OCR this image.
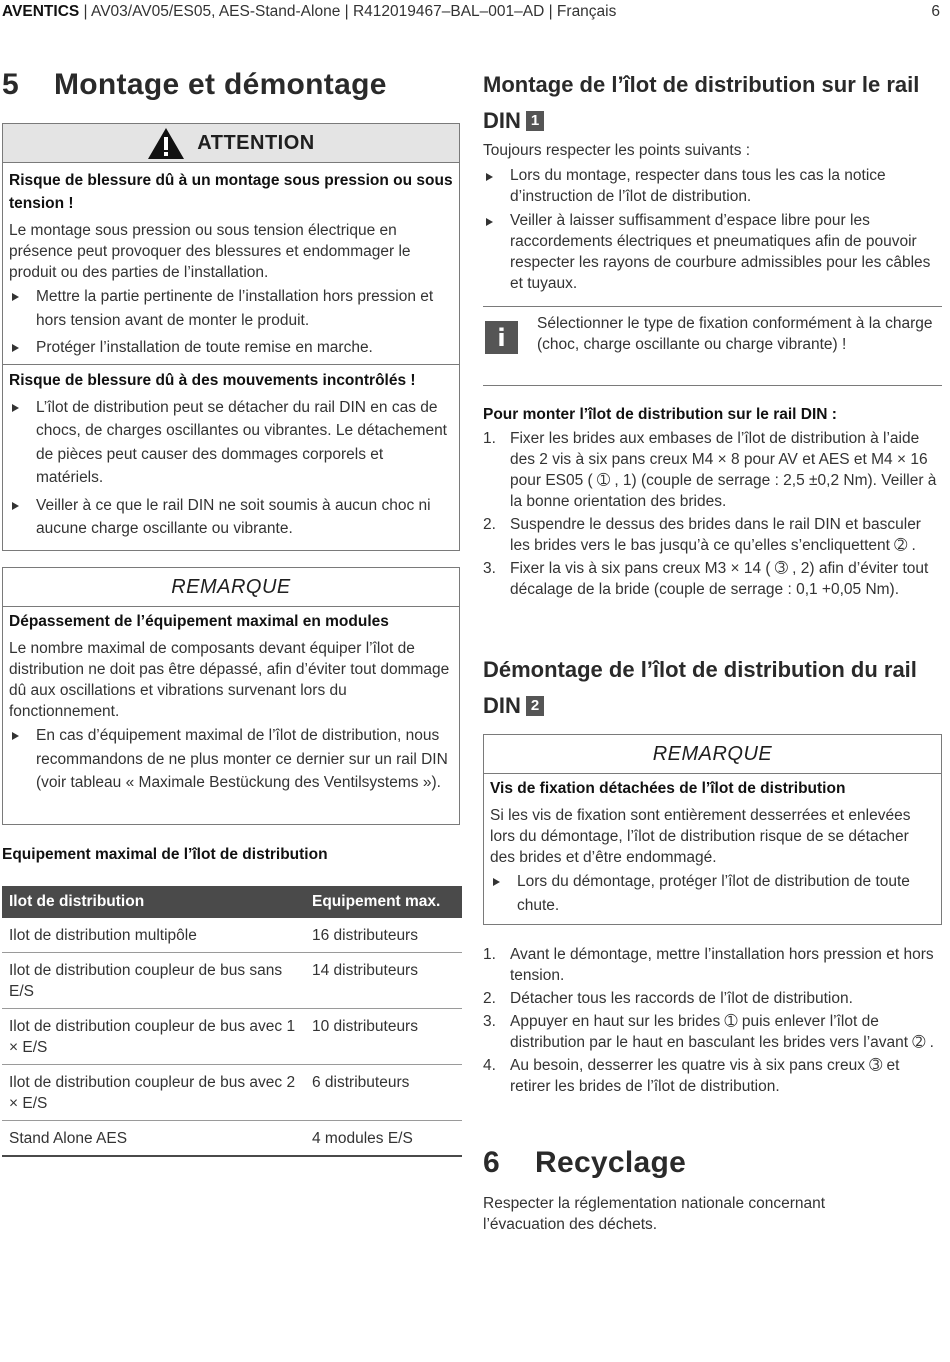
AVENTICS | AV03/AV05/ES05, AES-Stand-Alone | R412019467–BAL–001–AD | Français	6
5 Montage et démontage
ATTENTION
Risque de blessure dû à un montage sous pression ou sous tension !
Le montage sous pression ou sous tension électrique en présence peut provoquer des blessures et endommager le produit ou des parties de l’installation.
Mettre la partie pertinente de l’installation hors pression et hors tension avant de monter le produit.
Protéger l’installation de toute remise en marche.
Risque de blessure dû à des mouvements incontrôlés !
L’îlot de distribution peut se détacher du rail DIN en cas de chocs, de charges oscillantes ou vibrantes. Le détachement de pièces peut causer des dommages corporels et matériels.
Veiller à ce que le rail DIN ne soit soumis à aucun choc ni aucune charge oscillante ou vibrante.
REMARQUE
Dépassement de l’équipement maximal en modules
Le nombre maximal de composants devant équiper l’îlot de distribution ne doit pas être dépassé, afin d’éviter tout dommage dû aux oscillations et vibrations survenant lors du fonctionnement.
En cas d’équipement maximal de l’îlot de distribution, nous recommandons de ne plus monter ce dernier sur un rail DIN (voir tableau « Maximale Bestückung des Ventilsystems »).
Equipement maximal de l’îlot de distribution
Ilot de distribution	Equipement max.
Ilot de distribution multipôle	16 distributeurs
Ilot de distribution coupleur de bus sans E/S	14 distributeurs
Ilot de distribution coupleur de bus avec 1 × E/S	10 distributeurs
Ilot de distribution coupleur de bus avec 2 × E/S	6 distributeurs
Stand Alone AES	4 modules E/S
Montage de l’îlot de distribution sur le rail DIN 1
Toujours respecter les points suivants :
Lors du montage, respecter dans tous les cas la notice d’instruction de l’îlot de distribution.
Veiller à laisser suffisamment d’espace libre pour les raccordements électriques et pneumatiques afin de pouvoir respecter les rayons de courbure admissibles pour les câbles et tuyaux.
i	Sélectionner le type de fixation conformément à la charge (choc, charge oscillante ou charge vibrante) !
Pour monter l’îlot de distribution sur le rail DIN :
1. Fixer les brides aux embases de l’îlot de distribution à l’aide des 2 vis à six pans creux M4 × 8 pour AV et AES et M4 × 16 pour ES05 ( ➀ , 1) (couple de serrage : 2,5 ±0,2 Nm). Veiller à la bonne orientation des brides.
2. Suspendre le dessus des brides dans le rail DIN et basculer les brides vers le bas jusqu’à ce qu’elles s’encliquettent ➁ .
3. Fixer la vis à six pans creux M3 × 14 ( ➂ , 2) afin d’éviter tout décalage de la bride (couple de serrage : 0,1 +0,05 Nm).
Démontage de l’îlot de distribution du rail DIN 2
REMARQUE
Vis de fixation détachées de l’îlot de distribution
Si les vis de fixation sont entièrement desserrées et enlevées lors du démontage, l’îlot de distribution risque de se détacher des brides et d’être endommagé.
Lors du démontage, protéger l’îlot de distribution de toute chute.
1. Avant le démontage, mettre l’installation hors pression et hors tension.
2. Détacher tous les raccords de l’îlot de distribution.
3. Appuyer en haut sur les brides ➀ puis enlever l’îlot de distribution par le haut en basculant les brides vers l’avant ➁ .
4. Au besoin, desserrer les quatre vis à six pans creux ➂ et retirer les brides de l’îlot de distribution.
6 Recyclage
Respecter la réglementation nationale concernant l’évacuation des déchets.
